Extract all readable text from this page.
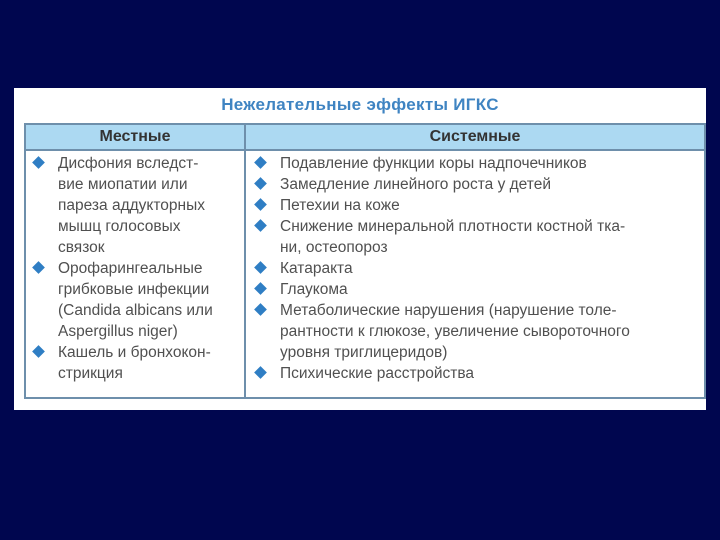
Нежелательные эффекты ИГКС
Местные	Системные
Дисфония вследст-
вие миопатии или
пареза аддукторных
мышц голосовых
связок
Орофарингеальные
грибковые инфекции
(Candida albicans или
Aspergillus niger)
Кашель и бронхокон-
стрикция
Подавление функции коры надпочечников
Замедление линейного роста у детей
Петехии на коже
Снижение минеральной плотности костной тка-
ни, остеопороз
Катаракта
Глаукома
Метаболические нарушения (нарушение толе-
рантности к глюкозе, увеличение сывороточного
уровня триглицеридов)
Психические расстройства
